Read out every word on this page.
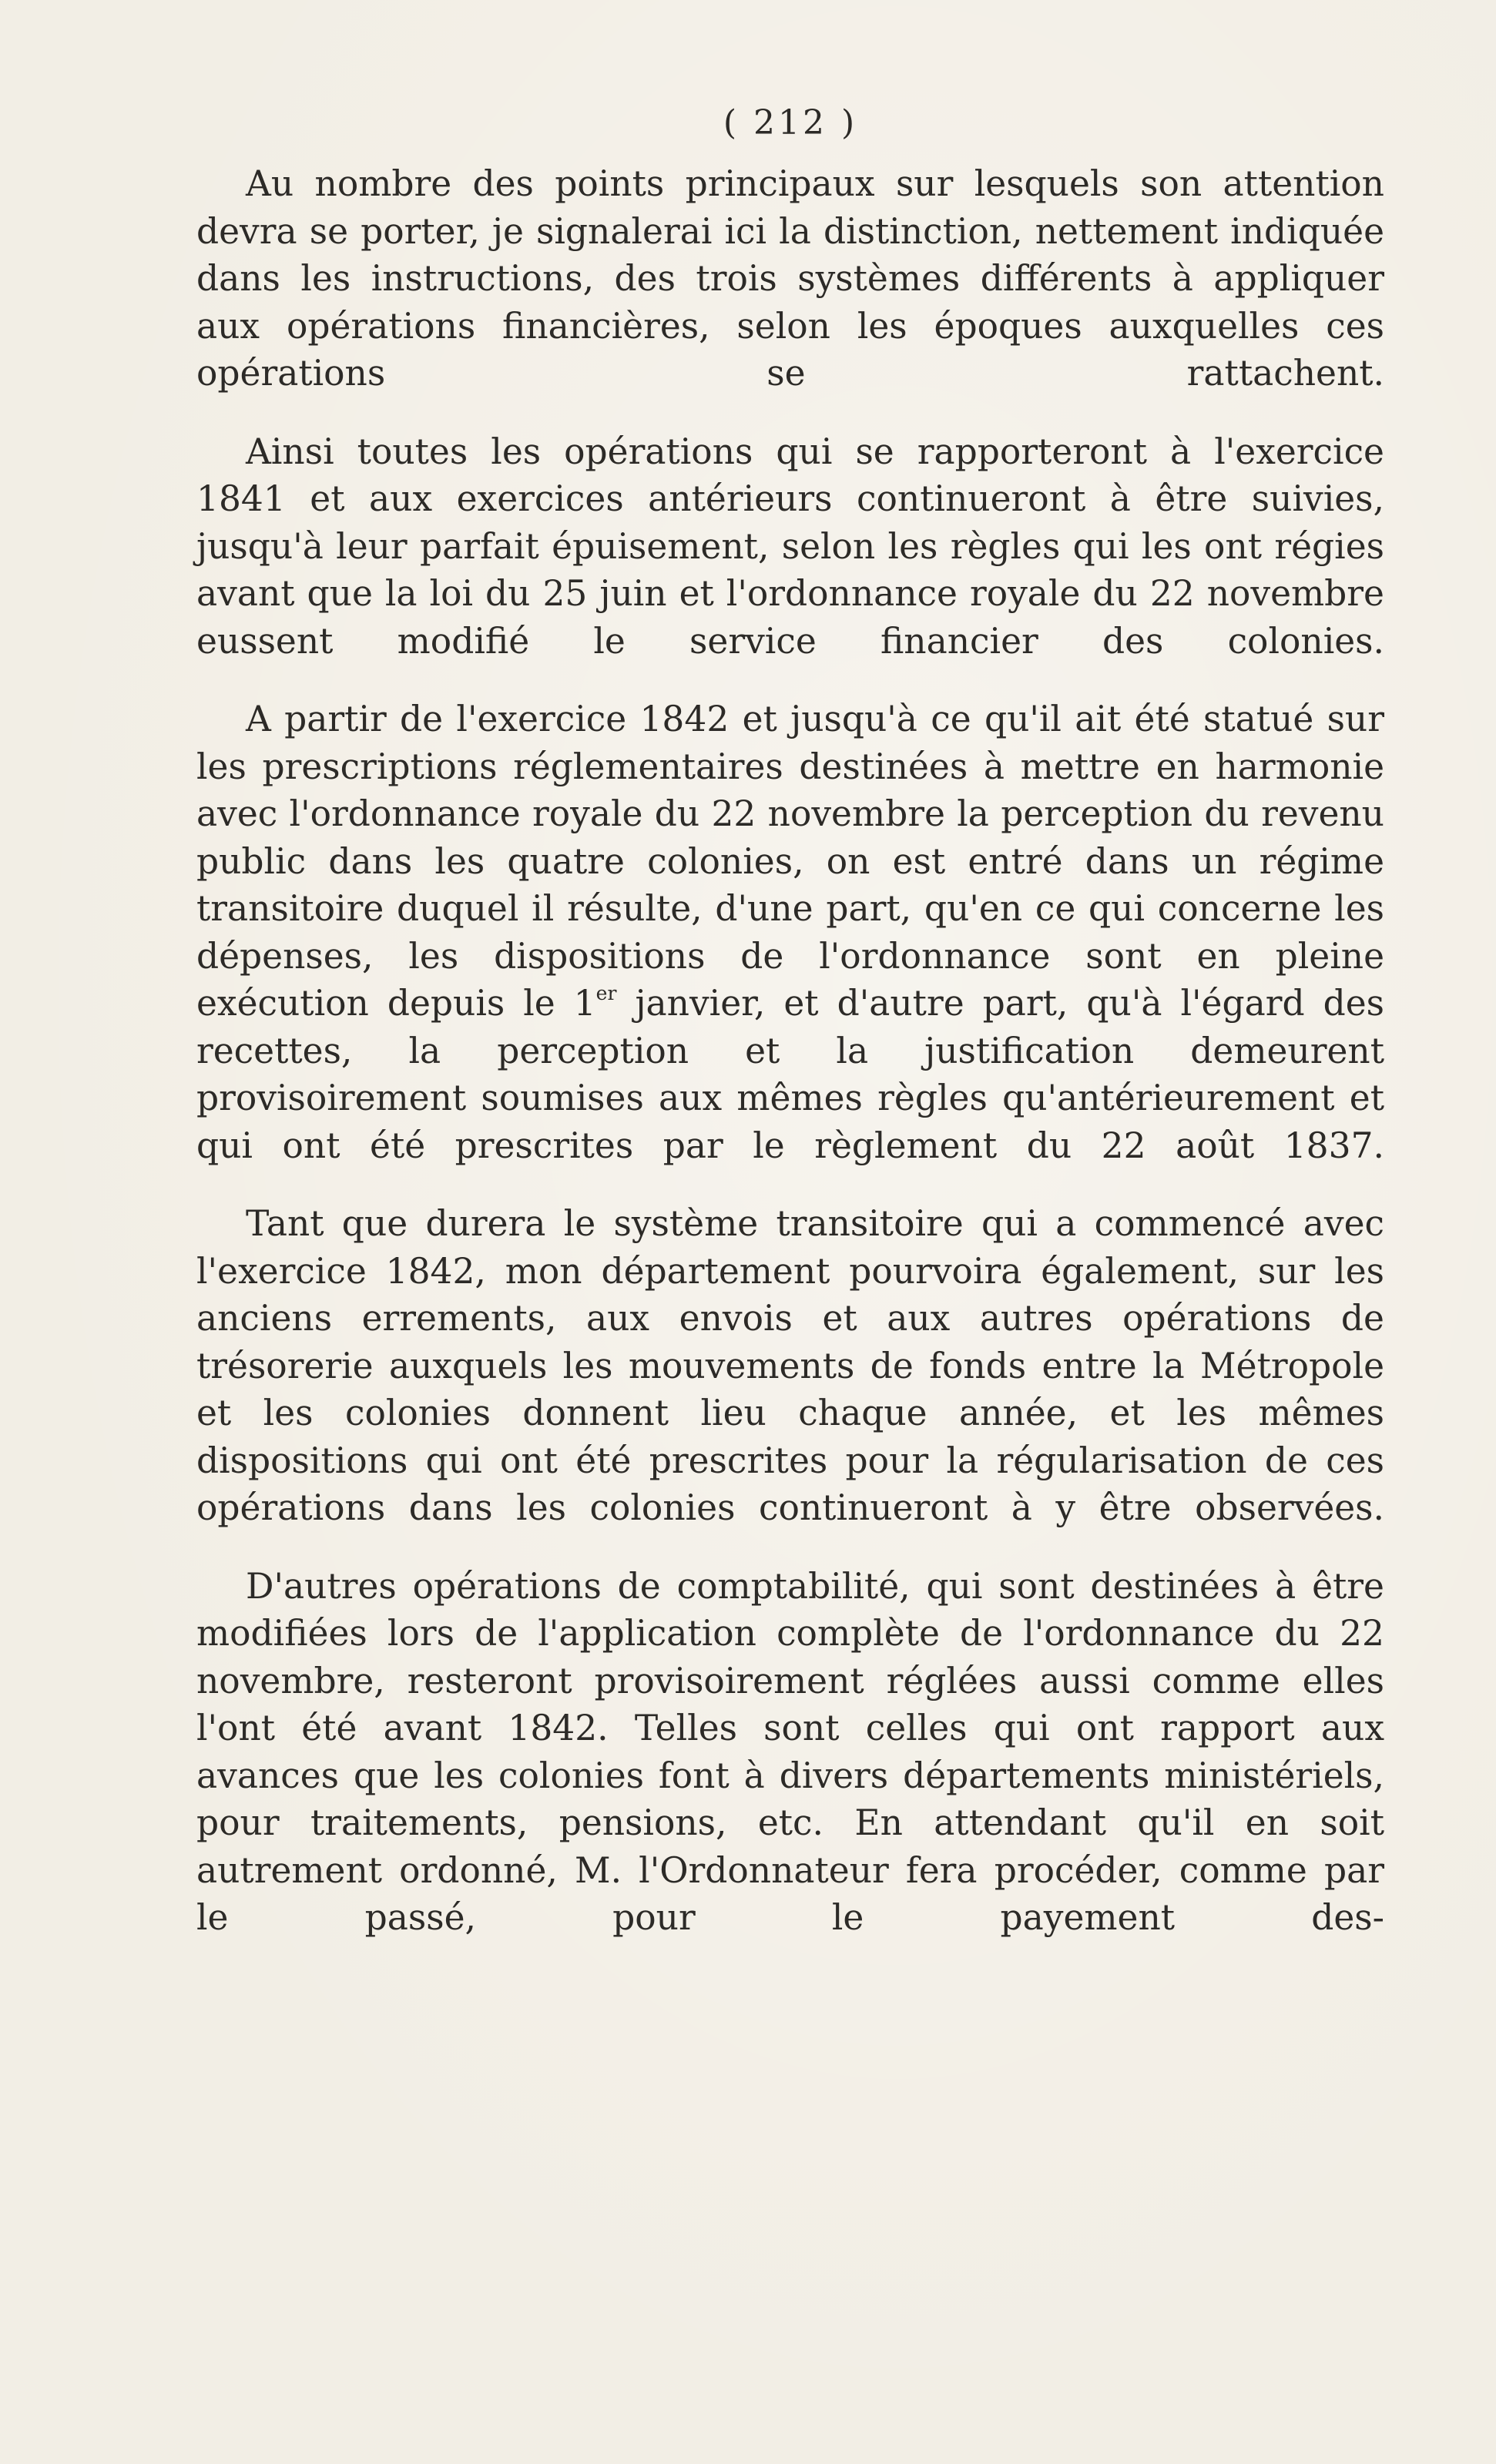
( 212 )

Au nombre des points principaux sur lesquels son attention devra se porter, je signalerai ici la distinction, nettement indiquée dans les instructions, des trois systèmes différents à appliquer aux opérations financières, selon les époques auxquelles ces opérations se rattachent.

Ainsi toutes les opérations qui se rapporteront à l'exercice 1841 et aux exercices antérieurs continueront à être suivies, jusqu'à leur parfait épuisement, selon les règles qui les ont régies avant que la loi du 25 juin et l'ordonnance royale du 22 novembre eussent modifié le service financier des colonies.

A partir de l'exercice 1842 et jusqu'à ce qu'il ait été statué sur les prescriptions réglementaires destinées à mettre en harmonie avec l'ordonnance royale du 22 novembre la perception du revenu public dans les quatre colonies, on est entré dans un régime transitoire duquel il résulte, d'une part, qu'en ce qui concerne les dépenses, les dispositions de l'ordonnance sont en pleine exécution depuis le 1er janvier, et d'autre part, qu'à l'égard des recettes, la perception et la justification demeurent provisoirement soumises aux mêmes règles qu'antérieurement et qui ont été prescrites par le règlement du 22 août 1837.

Tant que durera le système transitoire qui a commencé avec l'exercice 1842, mon département pourvoira également, sur les anciens errements, aux envois et aux autres opérations de trésorerie auxquels les mouvements de fonds entre la Métropole et les colonies donnent lieu chaque année, et les mêmes dispositions qui ont été prescrites pour la régularisation de ces opérations dans les colonies continueront à y être observées.

D'autres opérations de comptabilité, qui sont destinées à être modifiées lors de l'application complète de l'ordonnance du 22 novembre, resteront provisoirement réglées aussi comme elles l'ont été avant 1842. Telles sont celles qui ont rapport aux avances que les colonies font à divers départements ministériels, pour traitements, pensions, etc. En attendant qu'il en soit autrement ordonné, M. l'Ordonnateur fera procéder, comme par le passé, pour le payement des-
